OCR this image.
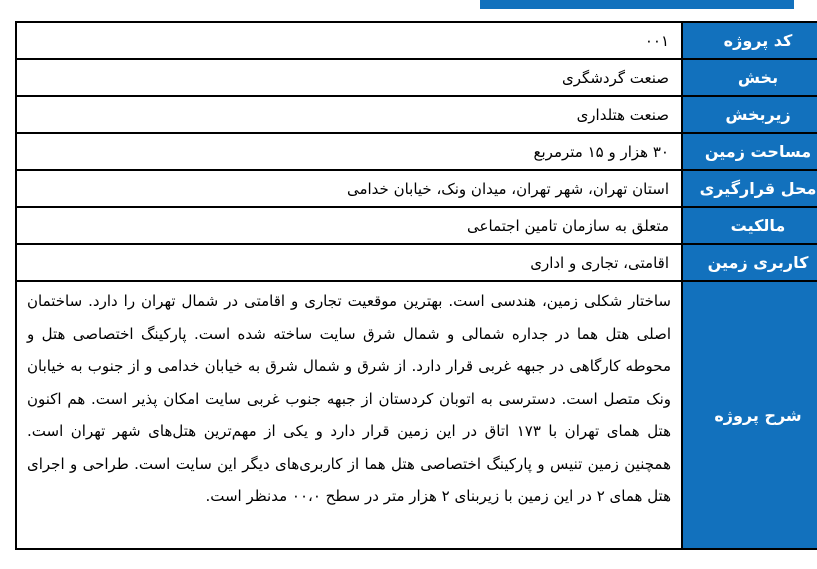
کد پروژه	۰۰۱
بخش	صنعت گردشگری
زیربخش	صنعت هتلداری
مساحت زمین	۳۰ هزار و ۱۵ مترمربع
محل قرارگیری	استان تهران، شهر تهران، میدان ونک، خیابان خدامی
مالکیت	متعلق به سازمان تامین اجتماعی
کاربری زمین	اقامتی، تجاری و اداری
شرح پروژه	ساختار شکلی زمین، هندسی است. بهترین موقعیت تجاری و اقامتی در شمال تهران را دارد. ساختمان اصلی هتل هما در جداره شمالی و شمال شرق سایت ساخته شده است. پارکینگ اختصاصی هتل و محوطه کارگاهی در جبهه غربی قرار دارد. از شرق و شمال شرق به خیابان خدامی و از جنوب به خیابان ونک متصل است. دسترسی به اتوبان کردستان از جبهه جنوب غربی سایت امکان پذیر است. هم اکنون هتل همای تهران با ۱۷۳ اتاق در این زمین قرار دارد و یکی از مهم‌ترین هتل‌های شهر تهران است. همچنین زمین تنیس و پارکینگ اختصاصی هتل هما از کاربری‌های دیگر این سایت است. طراحی و اجرای هتل همای ۲ در این زمین با زیربنای ۲ هزار متر در سطح ۰۰،۰ مدنظر است.
